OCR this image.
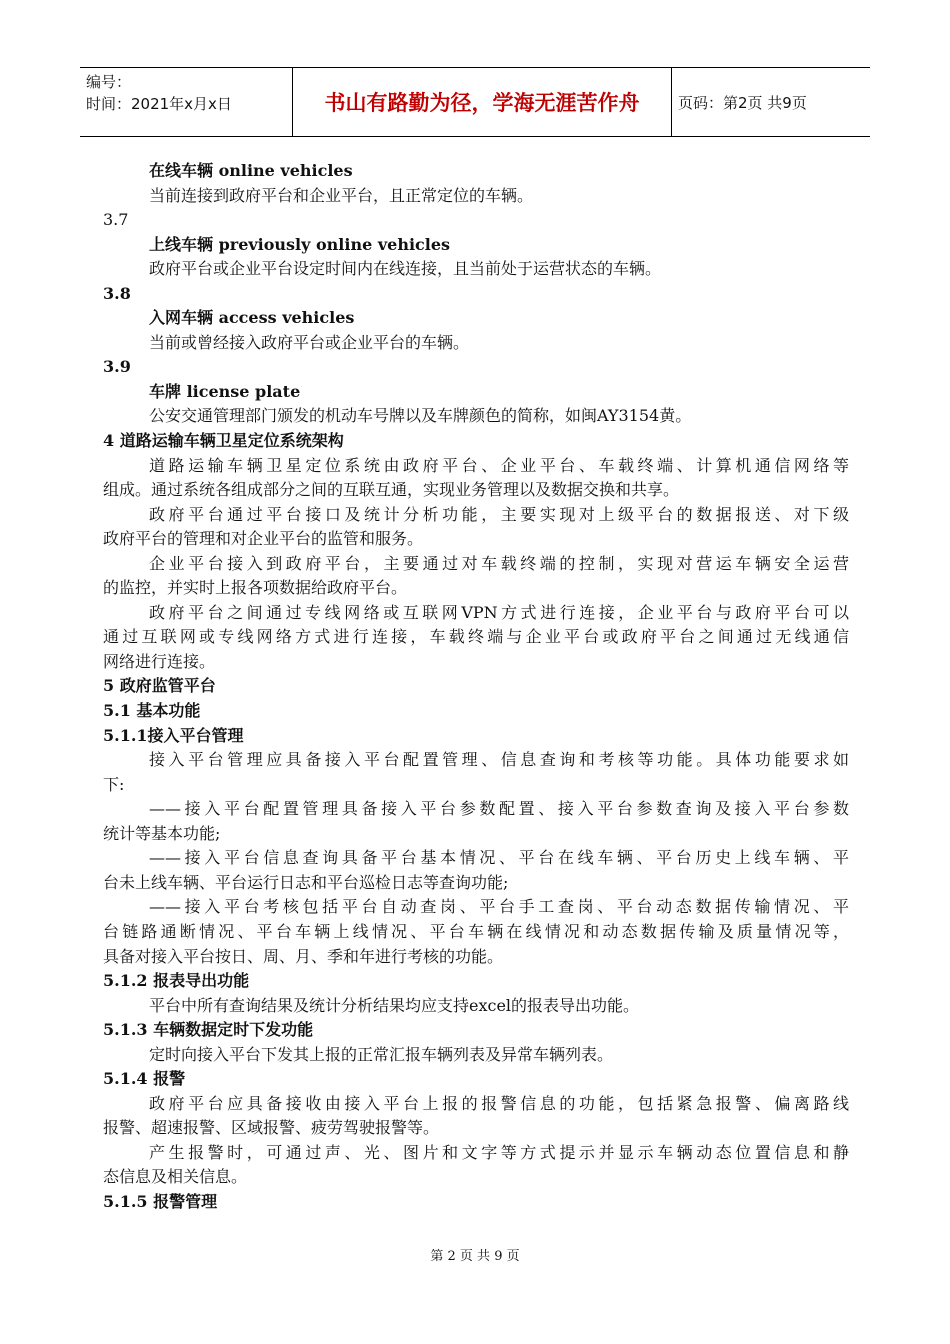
编号：
时间：2021年x月x日	书山有路勤为径，学海无涯苦作舟	页码：第2页 共9页
在线车辆 online vehicles
当前连接到政府平台和企业平台，且正常定位的车辆。
3.7
上线车辆 previously online vehicles
政府平台或企业平台设定时间内在线连接，且当前处于运营状态的车辆。
3.8
入网车辆 access vehicles
当前或曾经接入政府平台或企业平台的车辆。
3.9
车牌 license plate
公安交通管理部门颁发的机动车号牌以及车牌颜色的简称，如闽AY3154黄。
4 道路运输车辆卫星定位系统架构
道路运输车辆卫星定位系统由政府平台、企业平台、车载终端、计算机通信网络等
组成。通过系统各组成部分之间的互联互通，实现业务管理以及数据交换和共享。
政府平台通过平台接口及统计分析功能，主要实现对上级平台的数据报送、对下级
政府平台的管理和对企业平台的监管和服务。
企业平台接入到政府平台，主要通过对车载终端的控制，实现对营运车辆安全运营
的监控，并实时上报各项数据给政府平台。
政府平台之间通过专线网络或互联网VPN方式进行连接，企业平台与政府平台可以
通过互联网或专线网络方式进行连接，车载终端与企业平台或政府平台之间通过无线通信
网络进行连接。
5 政府监管平台
5.1 基本功能
5.1.1接入平台管理
接入平台管理应具备接入平台配置管理、信息查询和考核等功能。具体功能要求如
下:
——接入平台配置管理具备接入平台参数配置、接入平台参数查询及接入平台参数
统计等基本功能;
——接入平台信息查询具备平台基本情况、平台在线车辆、平台历史上线车辆、平
台未上线车辆、平台运行日志和平台巡检日志等查询功能;
——接入平台考核包括平台自动查岗、平台手工查岗、平台动态数据传输情况、平
台链路通断情况、平台车辆上线情况、平台车辆在线情况和动态数据传输及质量情况等，
具备对接入平台按日、周、月、季和年进行考核的功能。
5.1.2 报表导出功能
平台中所有查询结果及统计分析结果均应支持excel的报表导出功能。
5.1.3 车辆数据定时下发功能
定时向接入平台下发其上报的正常汇报车辆列表及异常车辆列表。
5.1.4 报警
政府平台应具备接收由接入平台上报的报警信息的功能，包括紧急报警、偏离路线
报警、超速报警、区域报警、疲劳驾驶报警等。
产生报警时，可通过声、光、图片和文字等方式提示并显示车辆动态位置信息和静
态信息及相关信息。
5.1.5 报警管理
第 2 页 共 9 页
